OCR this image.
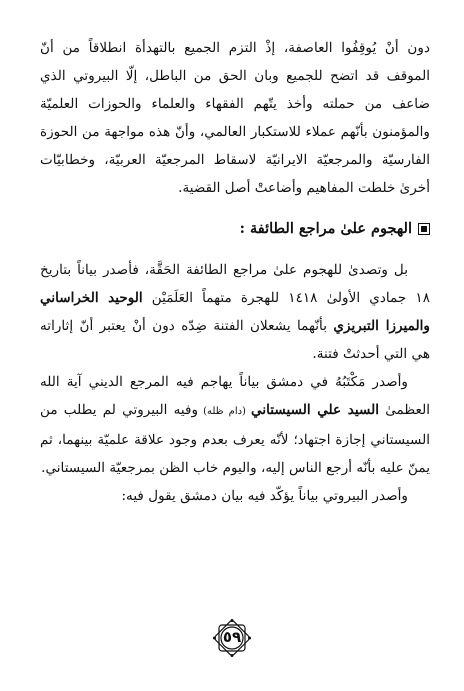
دون أنْ يُوقِفُوا العاصفة، إذْ التزم الجميع بالتهدأة انطلاقاً من أنّ الموقف قد اتضح للجميع وبان الحق من الباطل، إلّا البيروتي الذي ضاعف من حملته وأخذ يتّهم الفقهاء والعلماء والحوزات العلميّة والمؤمنون بأنّهم عملاء للاستكبار العالمي، وأنّ هذه مواجهة من الحوزة الفارسيّة والمرجعيّة الايرانيّة لاسقاط المرجعيّة العربيّة، وخطابيّات أخرىٰ خلطت المفاهيم وأضاعتْ أصل القضية.

الهجوم علىٰ مراجع الطائفة :

بل وتصدىٰ للهجوم علىٰ مراجع الطائفة الحَقَّة، فأصدر بياناً بتاريخ ١٨ جمادي الأولىٰ ١٤١٨ للهجرة متهماً العَلَمَيْن الوحيد الخراساني والميرزا التبريزي بأنّهما يشعلان الفتنة ضِدّه دون أنْ يعتبر أنّ إثاراته هي التي أحدثتْ فتنة.

وأصدر مَكْتَبُهُ في دمشق بياناً يهاجم فيه المرجع الديني آية الله العظمىٰ السيد علي السيستاني (دام ظله) وفيه البيروتي لم يطلب من السيستاني إجازة اجتهاد؛ لأنّه يعرف بعدم وجود علاقة علميّة بينهما، ثم يمنّ عليه بأنّه أرجع الناس إليه، واليوم خاب الظن بمرجعيّة السيستاني.

وأصدر البيروتي بياناً يؤكّد فيه بيان دمشق يقول فيه:

٥٩
